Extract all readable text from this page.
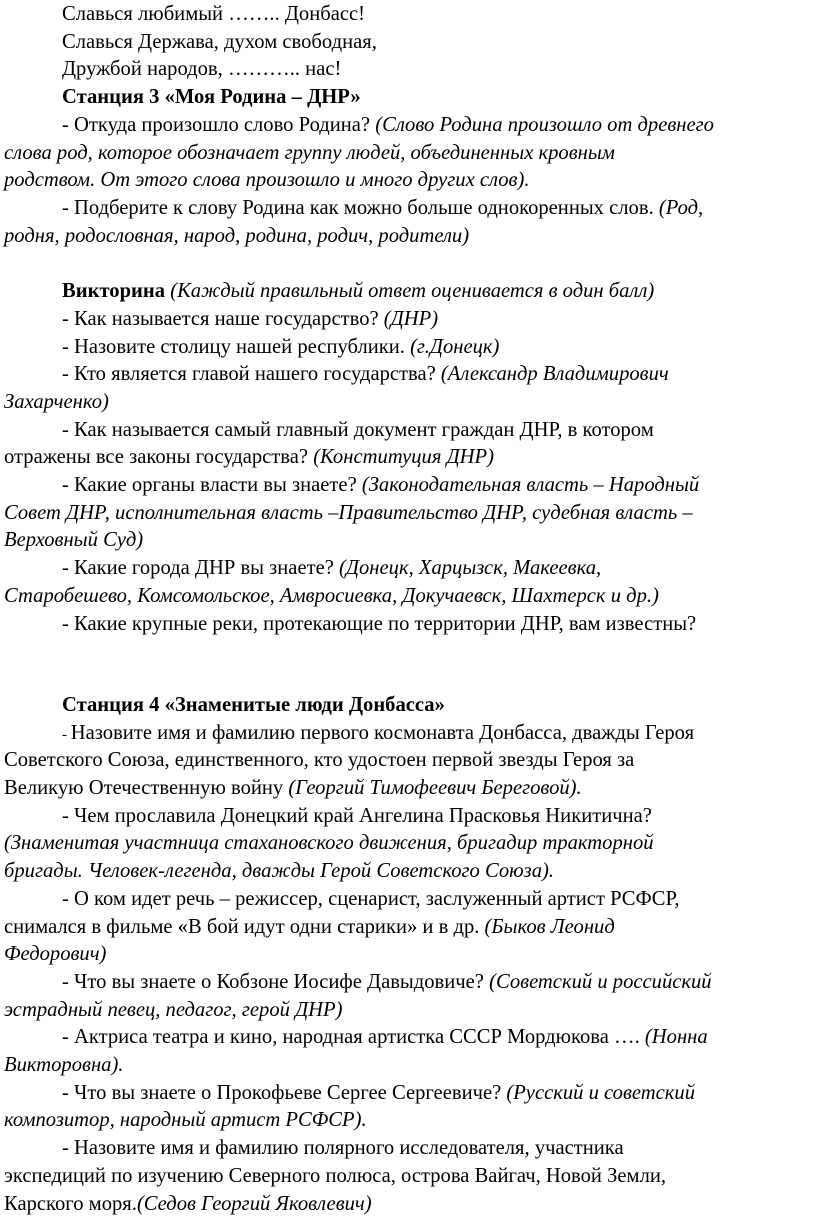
Славься любимый …….. Донбасс!
Славься Держава, духом свободная,
Дружбой народов, ……….. нас!
Станция 3 «Моя Родина – ДНР»
- Откуда произошло слово Родина? (Слово Родина произошло от древнего
слова род, которое обозначает группу людей, объединенных кровным
родством. От этого слова произошло и много других слов).
- Подберите к слову Родина как можно больше однокоренных слов. (Род,
родня, родословная, народ, родина, родич, родители)
Викторина (Каждый правильный ответ оценивается в один балл)
- Как называется наше государство? (ДНР)
- Назовите столицу нашей республики. (г.Донецк)
- Кто является главой нашего государства? (Александр Владимирович
Захарченко)
- Как называется самый главный документ граждан ДНР, в котором
отражены все законы государства? (Конституция ДНР)
- Какие органы власти вы знаете? (Законодательная власть – Народный
Совет ДНР, исполнительная власть –Правительство ДНР, судебная власть –
Верховный Суд)
- Какие города ДНР вы знаете? (Донецк, Харцызск, Макеевка,
Старобешево, Комсомольское, Амвросиевка, Докучаевск, Шахтерск и др.)
- Какие крупные реки, протекающие по территории ДНР, вам известны?
Станция 4 «Знаменитые люди Донбасса»
- Назовите имя и фамилию первого космонавта Донбасса, дважды Героя
Советского Союза, единственного, кто удостоен первой звезды Героя за
Великую Отечественную войну (Георгий Тимофеевич Береговой).
- Чем прославила Донецкий край Ангелина Прасковья Никитична?
(Знаменитая участница стахановского движения, бригадир тракторной
бригады. Человек-легенда, дважды Герой Советского Союза).
- О ком идет речь – режиссер, сценарист, заслуженный артист РСФСР,
снимался в фильме «В бой идут одни старики» и в др. (Быков Леонид
Федорович)
- Что вы знаете о Кобзоне Иосифе Давыдовиче? (Советский и российский
эстрадный певец, педагог, герой ДНР)
- Актриса театра и кино, народная артистка СССР Мордюкова …. (Нонна
Викторовна).
- Что вы знаете о Прокофьеве Сергее Сергеевиче? (Русский и советский
композитор, народный артист РСФСР).
- Назовите имя и фамилию полярного исследователя, участника
экспедиций по изучению Северного полюса, острова Вайгач, Новой Земли,
Карского моря.(Седов Георгий Яковлевич)
